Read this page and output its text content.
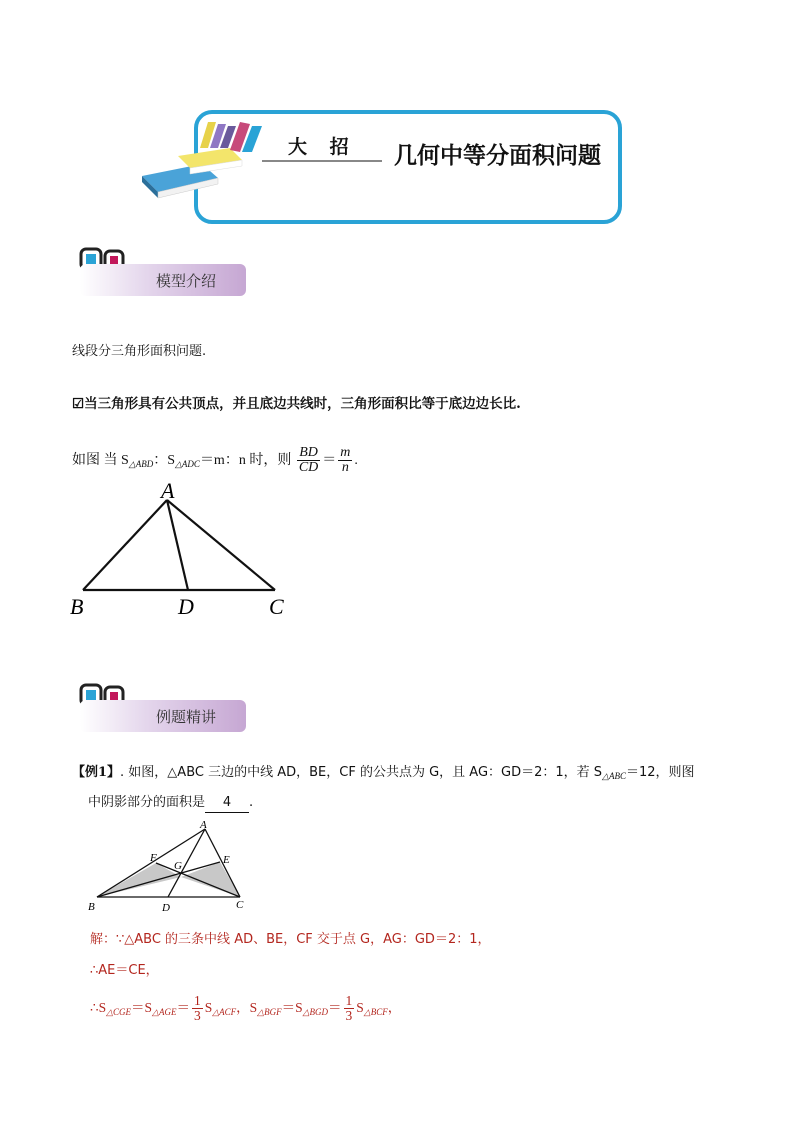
大 招 几何中等分面积问题
模型介绍
线段分三角形面积问题.
☑当三角形具有公共顶点，并且底边共线时，三角形面积比等于底边边长比.
如图 当 $S_{\triangle ABD}$：$S_{\triangle ADC}=m$：n 时，则 $\frac{BD}{CD} = \frac{m}{n}$ .
A
B	D	C
例题精讲
【例1】. 如图，△ABC 三边的中线 AD，BE，CF 的公共点为 G，且 AG：GD＝2：1，若 $S_{\triangle ABC}=12$，则图
中阴影部分的面积是 4 .
A
B	C
D
E
F
G
解：∵△ABC 的三条中线 AD、BE，CF 交于点 G，AG：GD＝2：1，
∴AE＝CE，
$\therefore S_{\triangle CGE}=S_{\triangle AGE}= \frac{1}{3} S_{\triangle ACF}$，$S_{\triangle BGF}=S_{\triangle BGD}= \frac{1}{3} S_{\triangle BCF}$，
